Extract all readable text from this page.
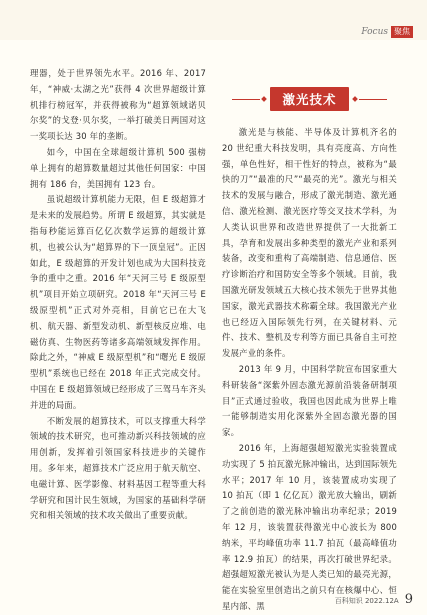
Focus 聚焦

理器，处于世界领先水平。2016 年、2017 年，“神威·太湖之光”获得 4 次世界超级计算机排行榜冠军，并获得被称为“超算领域诺贝尔奖”的戈登·贝尔奖，一举打破美日两国对这一奖项长达 30 年的垄断。

如今，中国在全球超级计算机 500 强榜单上拥有的超算数量超过其他任何国家：中国拥有 186 台，美国拥有 123 台。

虽说超级计算机能力无限，但 E 级超算才是未来的发展趋势。所谓 E 级超算，其实就是指每秒能运算百亿亿次数学运算的超级计算机，也被公认为“超算界的下一顶皇冠”。正因如此，E 级超算的开发计划也成为大国科技竞争的重中之重。2016 年“天河三号 E 级原型机”项目开始立项研究。2018 年“天河三号 E 级原型机”正式对外亮相，目前它已在大飞机、航天器、新型发动机、新型核反应堆、电磁仿真、生物医药等诸多高端领域发挥作用。除此之外，“神威 E 级原型机”和“曙光 E 级原型机”系统也已经在 2018 年正式完成交付。中国在 E 级超算领域已经形成了三驾马车齐头并进的局面。

不断发展的超算技术，可以支撑重大科学领域的技术研究，也可推动新兴科技领域的应用创新，发挥着引领国家科技进步的关键作用。多年来，超算技术广泛应用于航天航空、电磁计算、医学影像、材料基因工程等重大科学研究和国计民生领域，为国家的基础科学研究和相关领域的技术攻关做出了重要贡献。

激光技术

激光是与核能、半导体及计算机齐名的 20 世纪重大科技发明，具有亮度高、方向性强，单色性好，相干性好的特点，被称为“最快的刀”“最准的尺”“最亮的光”。激光与相关技术的发展与融合，形成了激光制造、激光通信、激光检测、激光医疗等交叉技术学科，为人类认识世界和改造世界提供了一大批新工具，孕育和发展出多种类型的激光产业和系列装备，改变和重构了高端制造、信息通信、医疗诊断治疗和国防安全等多个领域。目前，我国激光研发领域五大核心技术领先于世界其他国家，激光武器技术称霸全球。我国激光产业也已经迈入国际领先行列，在关键材料、元件、技术、整机及专利等方面已具备自主可控发展产业的条件。

2013 年 9 月，中国科学院宣布国家重大科研装备“深紫外固态激光源前沿装备研制项目”正式通过验收，我国也因此成为世界上唯一能够制造实用化深紫外全固态激光器的国家。

2016 年，上海超强超短激光实验装置成功实现了 5 拍瓦激光脉冲输出，达到国际领先水平；2017 年 10 月，该装置成功实现了 10 拍瓦（即 1 亿亿瓦）激光放大输出，刷新了之前创造的激光脉冲输出功率纪录；2019 年 12 月，该装置获得激光中心波长为 800 纳米，平均峰值功率 11.7 拍瓦（最高峰值功率 12.9 拍瓦）的结果，再次打破世界纪录。超强超短激光被认为是人类已知的最亮光源，能在实验室里创造出之前只有在核爆中心、恒星内部、黑	百科知识 2022.12A 9
